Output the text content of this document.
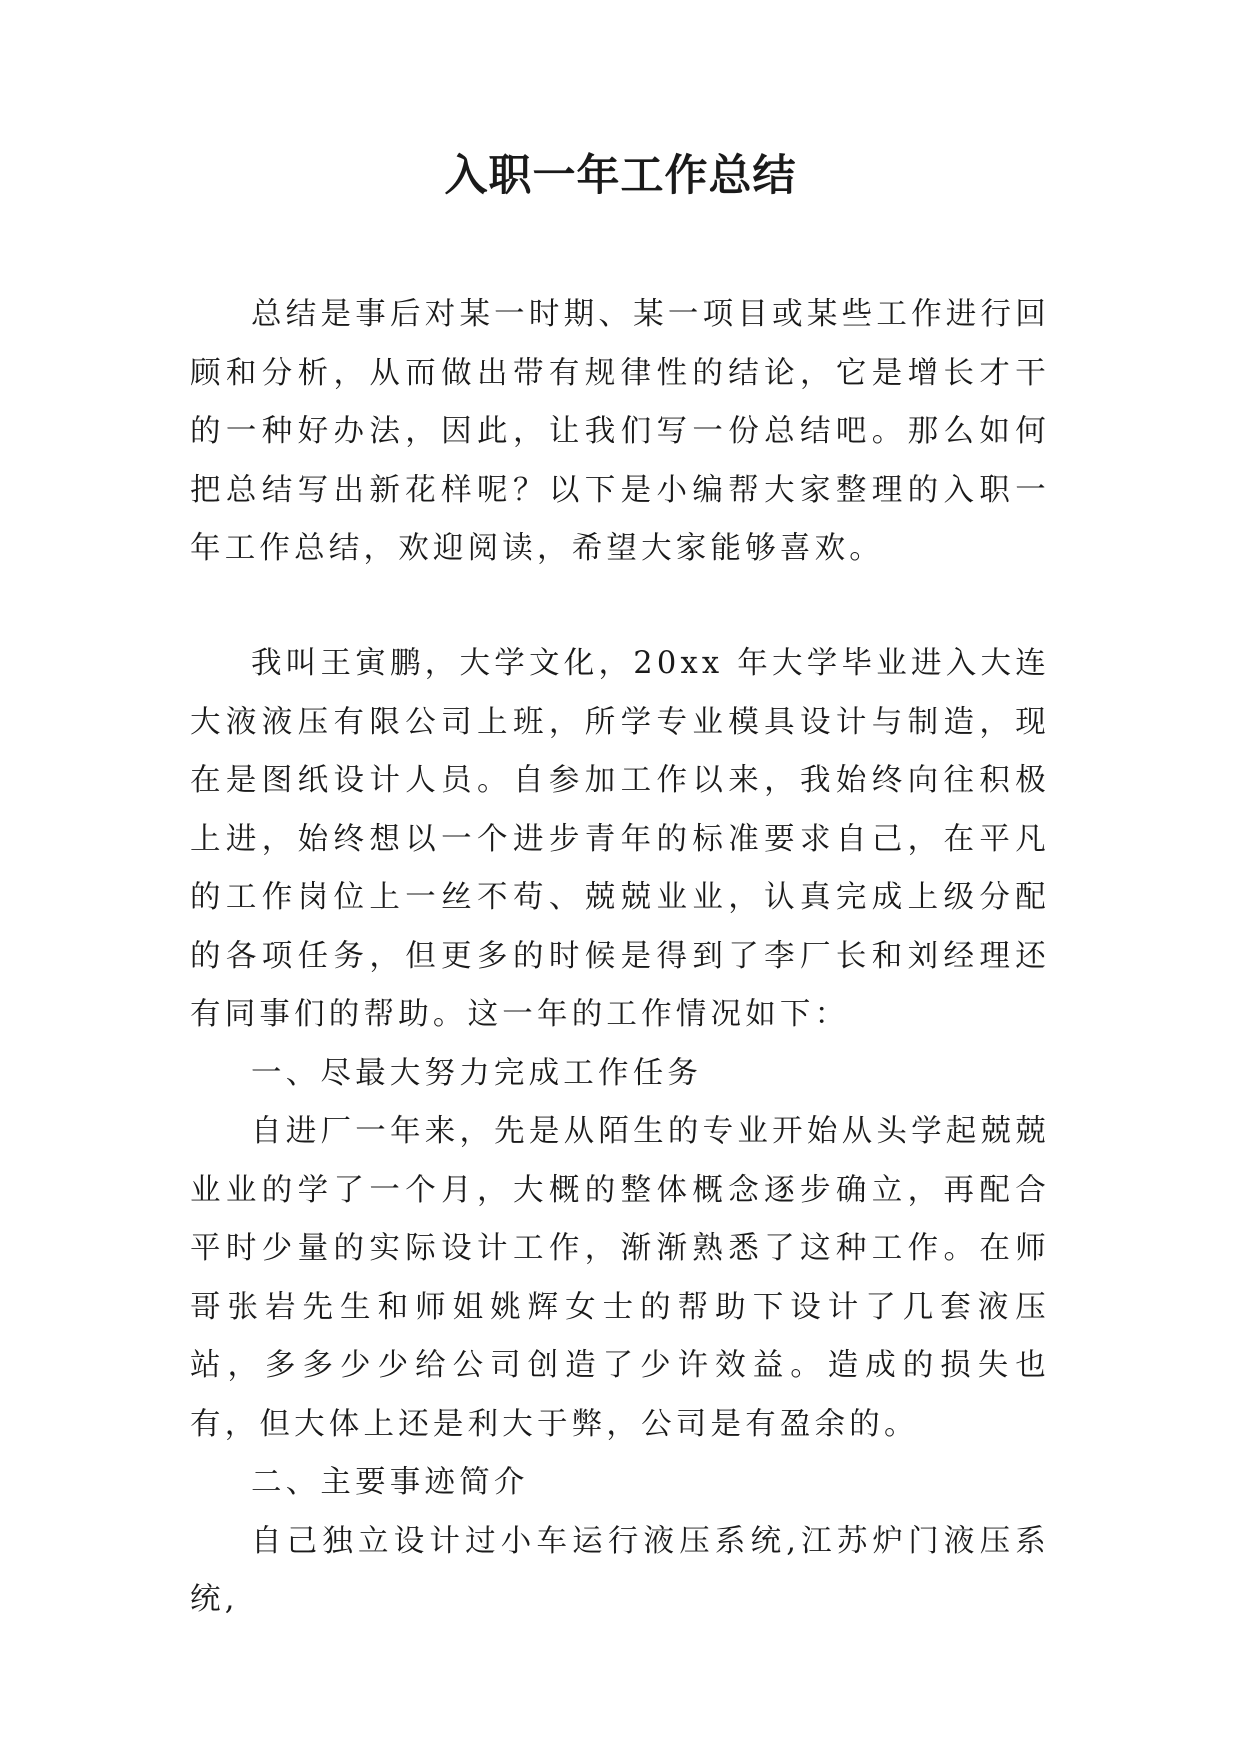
入职一年工作总结

总结是事后对某一时期、某一项目或某些工作进行回顾和分析，从而做出带有规律性的结论，它是增长才干的一种好办法，因此，让我们写一份总结吧。那么如何把总结写出新花样呢？以下是小编帮大家整理的入职一年工作总结，欢迎阅读，希望大家能够喜欢。

我叫王寅鹏，大学文化，20xx 年大学毕业进入大连大液液压有限公司上班，所学专业模具设计与制造，现在是图纸设计人员。自参加工作以来，我始终向往积极上进，始终想以一个进步青年的标准要求自己，在平凡的工作岗位上一丝不苟、兢兢业业，认真完成上级分配的各项任务，但更多的时候是得到了李厂长和刘经理还有同事们的帮助。这一年的工作情况如下：

一、尽最大努力完成工作任务

自进厂一年来，先是从陌生的专业开始从头学起兢兢业业的学了一个月，大概的整体概念逐步确立，再配合平时少量的实际设计工作，渐渐熟悉了这种工作。在师哥张岩先生和师姐姚辉女士的帮助下设计了几套液压站，多多少少给公司创造了少许效益。造成的损失也有，但大体上还是利大于弊，公司是有盈余的。

二、主要事迹简介

自己独立设计过小车运行液压系统,江苏炉门液压系统,
